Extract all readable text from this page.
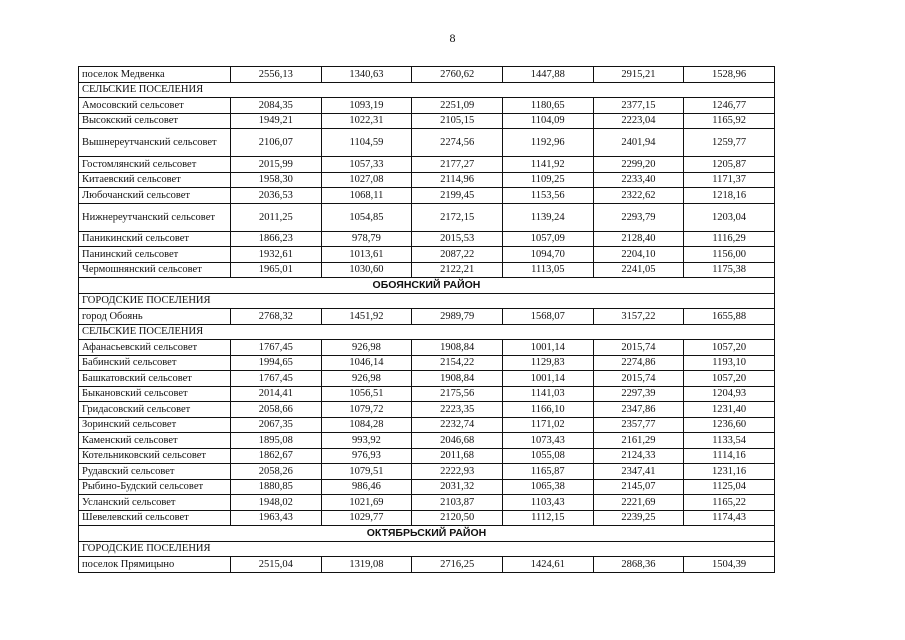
8
поселок Медвенка	2556,13	1340,63	2760,62	1447,88	2915,21	1528,96
СЕЛЬСКИЕ ПОСЕЛЕНИЯ						
Амосовский сельсовет	2084,35	1093,19	2251,09	1180,65	2377,15	1246,77
Высокский сельсовет	1949,21	1022,31	2105,15	1104,09	2223,04	1165,92
Вышнереутчанский сельсовет	2106,07	1104,59	2274,56	1192,96	2401,94	1259,77
Гостомлянский сельсовет	2015,99	1057,33	2177,27	1141,92	2299,20	1205,87
Китаевский сельсовет	1958,30	1027,08	2114,96	1109,25	2233,40	1171,37
Любочанский сельсовет	2036,53	1068,11	2199,45	1153,56	2322,62	1218,16
Нижнереутчанский сельсовет	2011,25	1054,85	2172,15	1139,24	2293,79	1203,04
Паникинский сельсовет	1866,23	978,79	2015,53	1057,09	2128,40	1116,29
Панинский сельсовет	1932,61	1013,61	2087,22	1094,70	2204,10	1156,00
Чермошнянский сельсовет	1965,01	1030,60	2122,21	1113,05	2241,05	1175,38
ОБОЯНСКИЙ РАЙОН						
ГОРОДСКИЕ ПОСЕЛЕНИЯ						
город Обоянь	2768,32	1451,92	2989,79	1568,07	3157,22	1655,88
СЕЛЬСКИЕ ПОСЕЛЕНИЯ						
Афанасьевский сельсовет	1767,45	926,98	1908,84	1001,14	2015,74	1057,20
Бабинский сельсовет	1994,65	1046,14	2154,22	1129,83	2274,86	1193,10
Башкатовский сельсовет	1767,45	926,98	1908,84	1001,14	2015,74	1057,20
Быкановский сельсовет	2014,41	1056,51	2175,56	1141,03	2297,39	1204,93
Гридасовский сельсовет	2058,66	1079,72	2223,35	1166,10	2347,86	1231,40
Зоринский сельсовет	2067,35	1084,28	2232,74	1171,02	2357,77	1236,60
Каменский сельсовет	1895,08	993,92	2046,68	1073,43	2161,29	1133,54
Котельниковский сельсовет	1862,67	976,93	2011,68	1055,08	2124,33	1114,16
Рудавский сельсовет	2058,26	1079,51	2222,93	1165,87	2347,41	1231,16
Рыбино-Будский сельсовет	1880,85	986,46	2031,32	1065,38	2145,07	1125,04
Усланский сельсовет	1948,02	1021,69	2103,87	1103,43	2221,69	1165,22
Шевелевский сельсовет	1963,43	1029,77	2120,50	1112,15	2239,25	1174,43
ОКТЯБРЬСКИЙ РАЙОН						
ГОРОДСКИЕ ПОСЕЛЕНИЯ						
поселок Прямицыно	2515,04	1319,08	2716,25	1424,61	2868,36	1504,39
